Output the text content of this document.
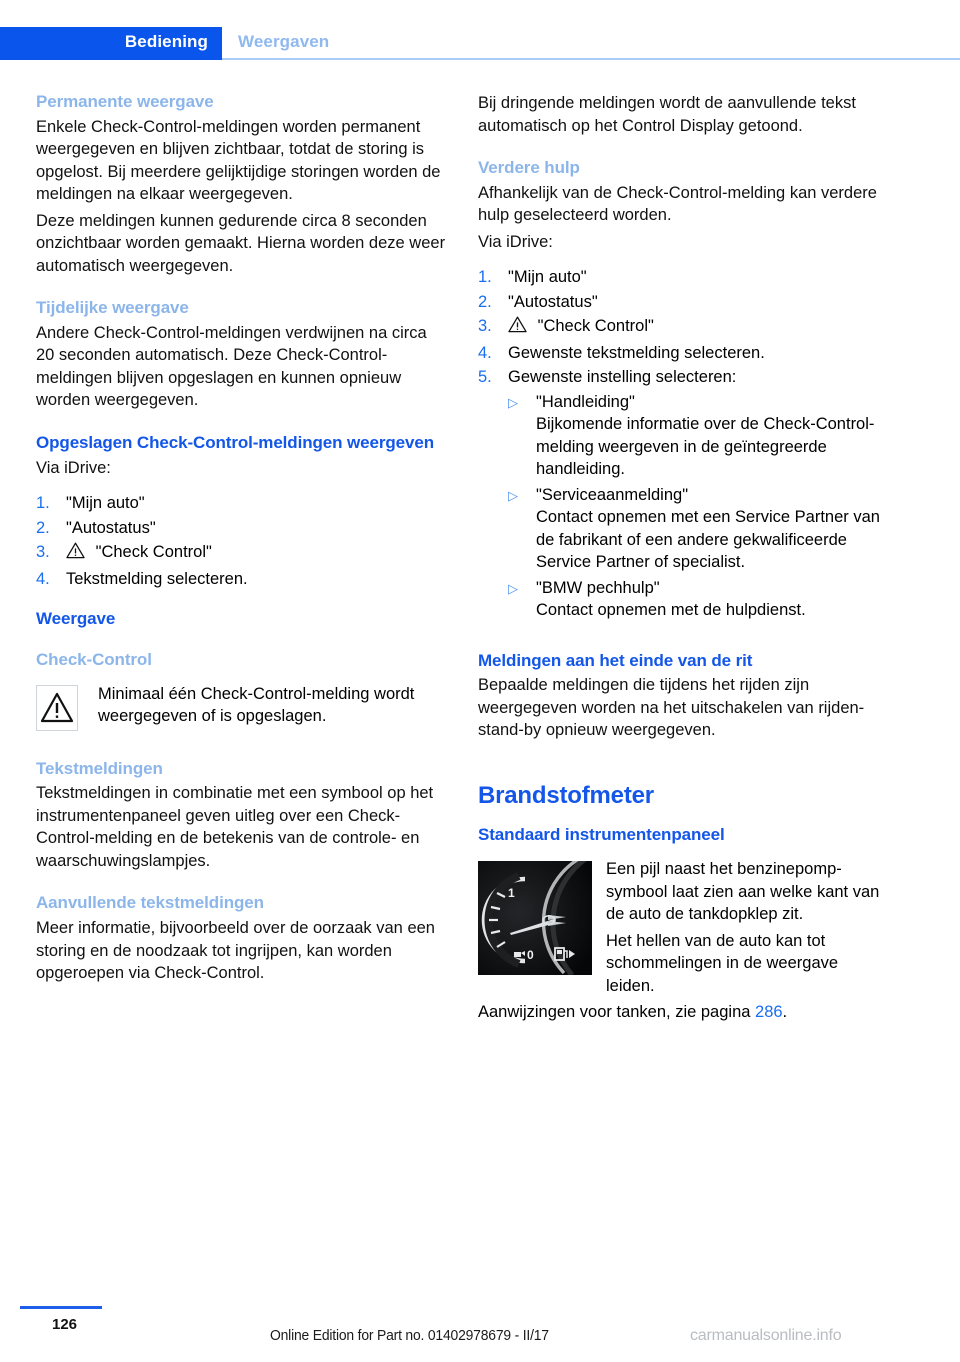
Bediening Weergaven
Permanente weergave

Enkele Check-Control-meldingen worden permanent weergegeven en blijven zichtbaar, totdat de storing is opgelost. Bij meerdere gelijktijdige storingen worden de meldingen na elkaar weergegeven.

Deze meldingen kunnen gedurende circa 8 seconden onzichtbaar worden gemaakt. Hierna worden deze weer automatisch weergegeven.

Tijdelijke weergave

Andere Check-Control-meldingen verdwijnen na circa 20 seconden automatisch. Deze Check-Control-meldingen blijven opgeslagen en kunnen opnieuw worden weergegeven.

Opgeslagen Check-Control-meldingen weergeven

Via iDrive:

1. "Mijn auto"
2. "Autostatus"
3.	"Check Control"
4. Tekstmelding selecteren.
Weergave
Check-Control

Minimaal één Check-Control-melding wordt weergegeven of is opgeslagen.

Tekstmeldingen

Tekstmeldingen in combinatie met een symbool op het instrumentenpaneel geven uitleg over een Check-Control-melding en de betekenis van de controle- en waarschuwingslampjes.

Aanvullende tekstmeldingen

Meer informatie, bijvoorbeeld over de oorzaak van een storing en de noodzaak tot ingrijpen, kan worden opgeroepen via Check-Control.

Bij dringende meldingen wordt de aanvullende tekst automatisch op het Control Display getoond.

Verdere hulp

Afhankelijk van de Check-Control-melding kan verdere hulp geselecteerd worden.

Via iDrive:

1. "Mijn auto"
2. "Autostatus"
3.	"Check Control"
4. Gewenste tekstmelding selecteren.
5. Gewenste instelling selecteren:
▷ "Handleiding"

Bijkomende informatie over de Check-Control-melding weergeven in de geïntegreerde handleiding.

▷ "Serviceaanmelding"

Contact opnemen met een Service Partner van de fabrikant of een andere gekwalificeerde Service Partner of specialist.

▷ "BMW pechhulp"

Contact opnemen met de hulpdienst.

Meldingen aan het einde van de rit

Bepaalde meldingen die tijdens het rijden zijn weergegeven worden na het uitschakelen van rijden-stand-by opnieuw weergegeven.

Brandstofmeter
Standaard instrumentenpaneel
1
0

Een pijl naast het benzinepomp-symbool laat zien aan welke kant van de auto de tankdopklep zit.

Het hellen van de auto kan tot schommelingen in de weergave leiden.

Aanwijzingen voor tanken, zie pagina 286.

126
Online Edition for Part no. 01402978679 - II/17	carmanualsonline.info
